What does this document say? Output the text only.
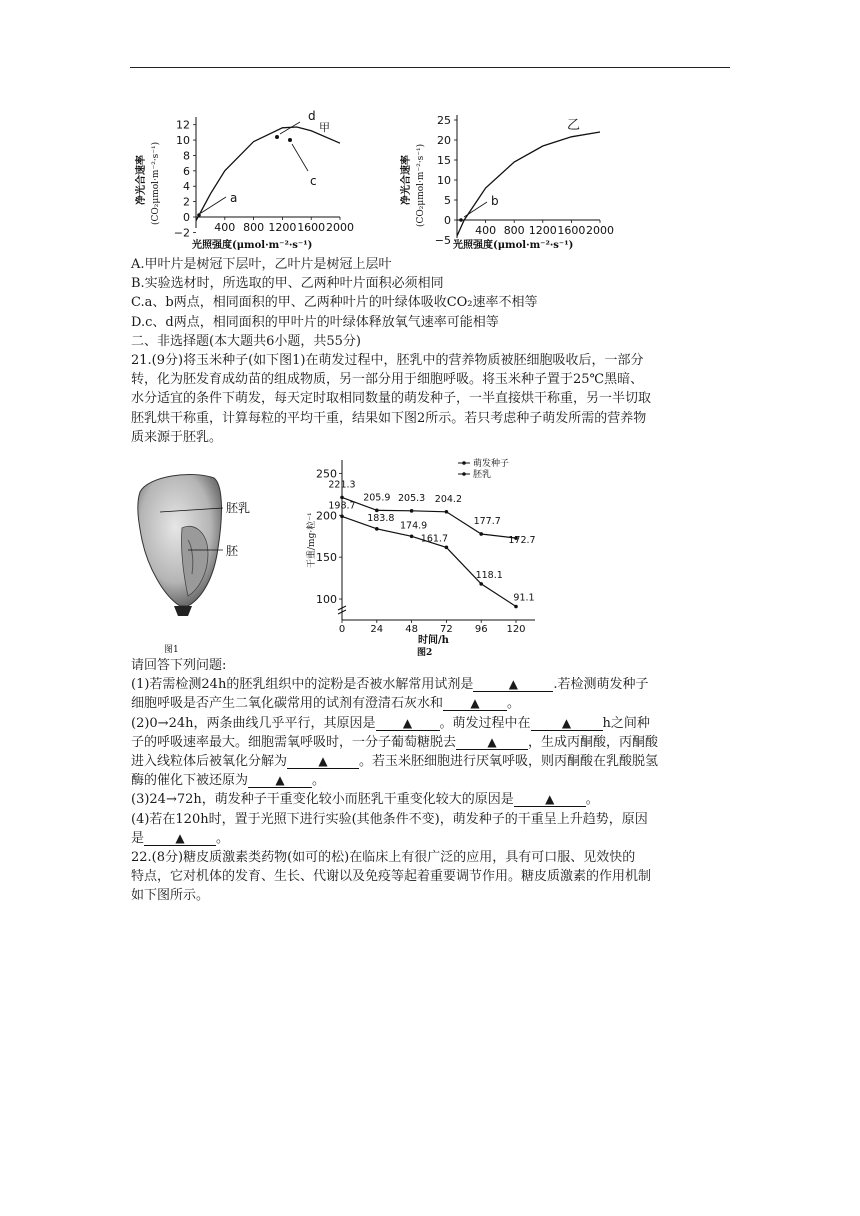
净光合速率 (CO₂μmol·m⁻²·s⁻¹)
12
10
8
6
4
2
0
−2 400 800 1200 1600 2000
d
甲
c
a
光照强度(μmol·m⁻²·s⁻¹)
净光合速率 (CO₂μmol·m⁻²·s⁻¹)
25
20
15
10
5
0
−5
400 800 1200 1600 2000
b
乙
光照强度(μmol·m⁻²·s⁻¹)
A.甲叶片是树冠下层叶，乙叶片是树冠上层叶
B.实验选材时，所选取的甲、乙两种叶片面积必须相同
C.a、b两点，相同面积的甲、乙两种叶片的叶绿体吸收CO₂速率不相等
D.c、d两点，相同面积的甲叶片的叶绿体释放氧气速率可能相等
二、非选择题(本大题共6小题，共55分)
21.(9分)将玉米种子(如下图1)在萌发过程中，胚乳中的营养物质被胚细胞吸收后，一部分
转，化为胚发育成幼苗的组成物质，另一部分用于细胞呼吸。将玉米种子置于25℃黑暗、
水分适宜的条件下萌发，每天定时取相同数量的萌发种子，一半直接烘干称重，另一半切取
胚乳烘干称重，计算每粒的平均干重，结果如下图2所示。若只考虑种子萌发所需的营养物
质来源于胚乳。
胚乳
胚
图1
干重/mg·粒⁻¹
250
200
150
100
0	24 48 72 96 120
221.3
205.9 205.3 204.2
177.7
172.7
198.7
183.8
174.9
161.7
118.1
91.1
萌发种子
胚乳
时间/h
图2
请回答下列问题:
(1)若需检测24h的胚乳组织中的淀粉是否被水解常用试剂是	▲	.若检测萌发种子
细胞呼吸是否产生二氧化碳常用的试剂有澄清石灰水和 ▲ 。
(2)0→24h，两条曲线几乎平行，其原因是 ▲ 。萌发过程中在	▲ h之间种
子的呼吸速率最大。细胞需氧呼吸时，一分子葡萄糖脱去	▲ ，生成丙酮酸，丙酮酸
进入线粒体后被氧化分解为	▲ 。若玉米胚细胞进行厌氧呼吸，则丙酮酸在乳酸脱氢
酶的催化下被还原为 ▲ 。
(3)24→72h，萌发种子干重变化较小而胚乳干重变化较大的原因是	▲ 。
(4)若在120h时，置于光照下进行实验(其他条件不变)，萌发种子的干重呈上升趋势，原因
是	▲ 。
22.(8分)糖皮质激素类药物(如可的松)在临床上有很广泛的应用，具有可口服、见效快的
特点，它对机体的发育、生长、代谢以及免疫等起着重要调节作用。糖皮质激素的作用机制
如下图所示。
